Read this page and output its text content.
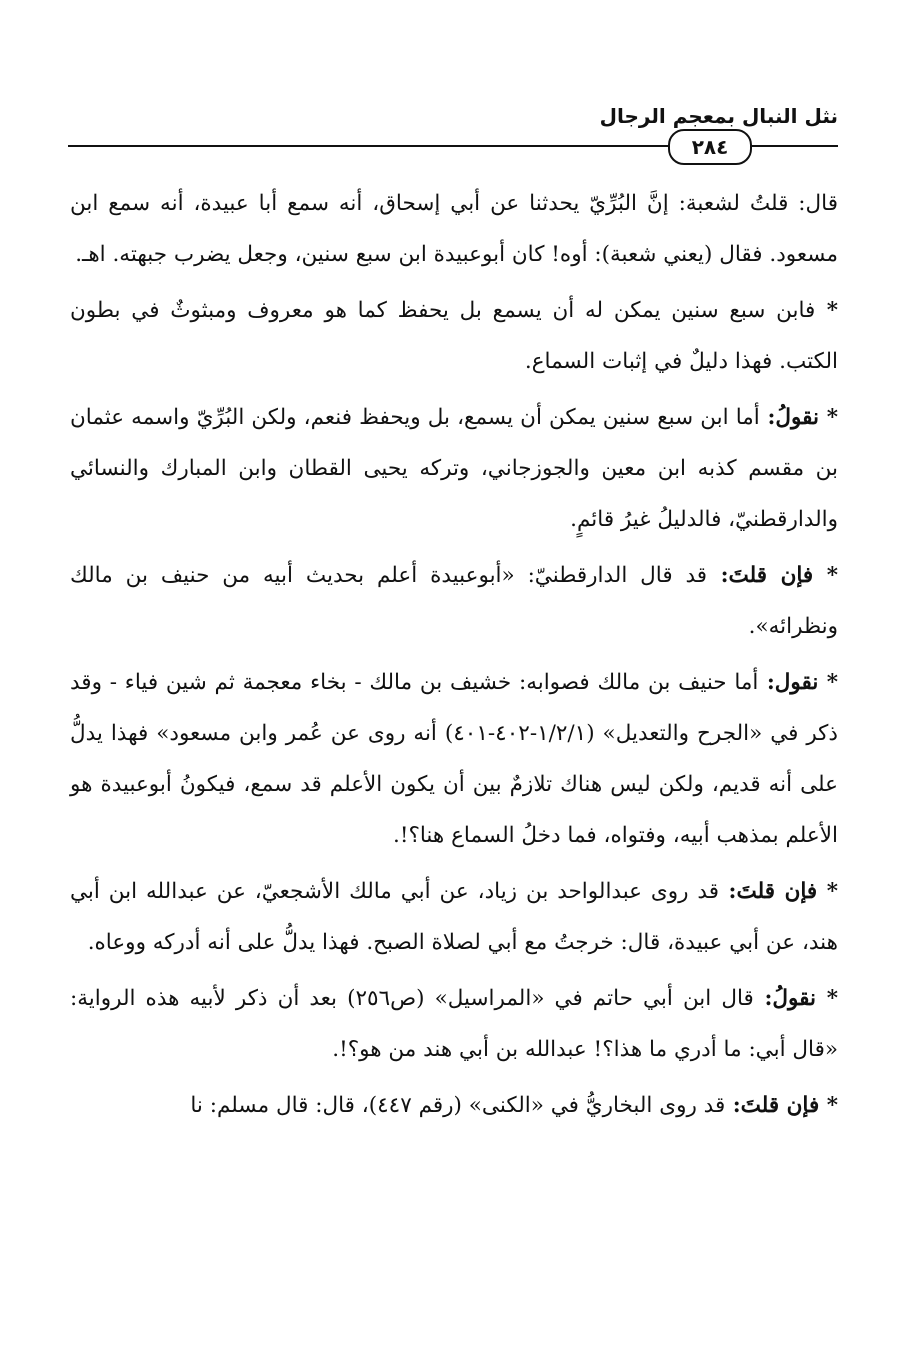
نثل النبال بمعجم الرجال
٢٨٤

قال: قلتُ لشعبة: إنَّ البُرِّيّ يحدثنا عن أبي إسحاق، أنه سمع أبا عبيدة، أنه سمع ابن مسعود. فقال (يعني شعبة): أوه! كان أبوعبيدة ابن سبع سنين، وجعل يضرب جبهته. اهـ.

* فابن سبع سنين يمكن له أن يسمع بل يحفظ كما هو معروف ومبثوثٌ في بطون الكتب. فهذا دليلٌ في إثبات السماع.

* نقولُ: أما ابن سبع سنين يمكن أن يسمع، بل ويحفظ فنعم، ولكن البُرِّيّ واسمه عثمان بن مقسم كذبه ابن معين والجوزجاني، وتركه يحيى القطان وابن المبارك والنسائي والدارقطنيّ، فالدليلُ غيرُ قائمٍ.

* فإن قلتَ: قد قال الدارقطنيّ: «أبوعبيدة أعلم بحديث أبيه من حنيف بن مالك ونظرائه».

* نقول: أما حنيف بن مالك فصوابه: خشيف بن مالك - بخاء معجمة ثم شين فياء - وقد ذكر في «الجرح والتعديل» (١/٢/١-٤٠٢-٤٠١) أنه روى عن عُمر وابن مسعود» فهذا يدلُّ على أنه قديم، ولكن ليس هناك تلازمٌ بين أن يكون الأعلم قد سمع، فيكونُ أبوعبيدة هو الأعلم بمذهب أبيه، وفتواه، فما دخلُ السماع هنا؟!.

* فإن قلتَ: قد روى عبدالواحد بن زياد، عن أبي مالك الأشجعيّ، عن عبدالله ابن أبي هند، عن أبي عبيدة، قال: خرجتُ مع أبي لصلاة الصبح. فهذا يدلُّ على أنه أدركه ووعاه.

* نقولُ: قال ابن أبي حاتم في «المراسيل» (ص٢٥٦) بعد أن ذكر لأبيه هذه الرواية: «قال أبي: ما أدري ما هذا؟! عبدالله بن أبي هند من هو؟!.

* فإن قلتَ: قد روى البخاريُّ في «الكنى» (رقم ٤٤٧)، قال: قال مسلم: نا
